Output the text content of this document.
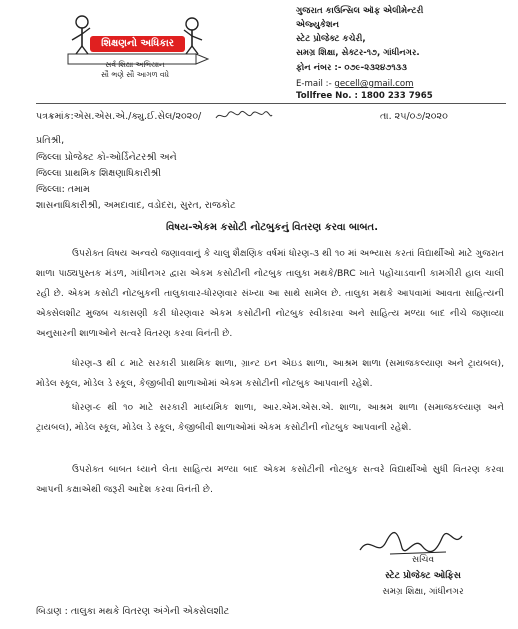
શિક્ષણનો અધિકાર
સર્વ શિક્ષા અભિયાન
સૌ ભણે સૌ આગળ વધે
ગુજરાત કાઉન્સિલ ઑફ એલીમેન્ટરી
એજ્યુકેશન
સ્ટેટ પ્રોજેક્ટ કચેરી,
સમગ્ર શિક્ષા, સેક્ટર-૧૭, ગાંધીનગર.
ફોન નંબર :- ૦૭૯-૨૩૨૪૭૧૩૩
E-mail :- gecell@gmail.com
Tollfree No. : 1800 233 7965
પત્રક્રમાંક:એસ.એસ.એ./ક્યુ.ઈ.સેલ/૨૦૨૦/	તા. ૨૫/૦૭/૨૦૨૦
પ્રતિશ્રી,
જિલ્લા પ્રોજેક્ટ કો-ઓર્ડિનેટરશ્રી અને
જિલ્લા પ્રાથમિક શિક્ષણાધિકારીશ્રી
જિલ્લા: તમામ
શાસનાધિકારીશ્રી, અમદાવાદ, વડોદરા, સુરત, રાજકોટ
વિષય-એકમ કસોટી નોટબુકનું વિતરણ કરવા બાબત.

ઉપરોક્ત વિષય અન્વયે જણાવવાનું કે ચાલુ શૈક્ષણિક વર્ષમાં ધોરણ-૩ થી ૧૦ માં અભ્યાસ કરતાં વિદ્યાર્થીઓ માટે ગુજરાત શાળા પાઠ્યપુસ્તક મંડળ, ગાંધીનગર દ્વારા એકમ કસોટીની નોટબુક તાલુકા મથકે/BRC ખાતે પહોંચાડવાની કામગીરી હાલ ચાલી રહી છે. એકમ કસોટી નોટબુકની તાલુકાવાર-ધોરણવાર સંખ્યા આ સાથે સામેલ છે. તાલુકા મથકે આપવામાં આવતા સાહિત્યની એક્સેલશીટ મુજબ ચકાસણી કરી ધોરણવાર એકમ કસોટીની નોટબુક સ્વીકારવા અને સાહિત્ય મળ્યા બાદ નીચે જણાવ્યા અનુસારની શાળાઓને સત્વરે વિતરણ કરવા વિનંતી છે.

ધોરણ-૩ થી ૮ માટે સરકારી પ્રાથમિક શાળા, ગ્રાન્ટ ઇન એઇડ શાળા, આશ્રમ શાળા (સમાજકલ્યાણ અને ટ્રાયબલ), મોડેલ સ્કૂલ, મોડેલ ડે સ્કૂલ, કેજીબીવી શાળાઓમાં એકમ કસોટીની નોટબુક આપવાની રહેશે.

ધોરણ-૯ થી ૧૦ માટે સરકારી માધ્યમિક શાળા, આર.એમ.એસ.એ. શાળા, આશ્રમ શાળા (સમાજકલ્યાણ અને ટ્રાયબલ), મોડેલ સ્કૂલ, મોડેલ ડે સ્કૂલ, કેજીબીવી શાળાઓમાં એકમ કસોટીની નોટબુક આપવાની રહેશે.

ઉપરોક્ત બાબત ધ્યાને લેતા સાહિત્ય મળ્યા બાદ એકમ કસોટીની નોટબુક સત્વરે વિદ્યાર્થીઓ સુધી વિતરણ કરવા આપની કક્ષાએથી જરૂરી આદેશ કરવા વિનંતી છે.

સચિવ
સ્ટેટ પ્રોજેક્ટ ઓફિસ
સમગ્ર શિક્ષા, ગાંધીનગર
બિડાણ : તાલુકા મથકે વિતરણ અંગેની એક્સેલશીટ
